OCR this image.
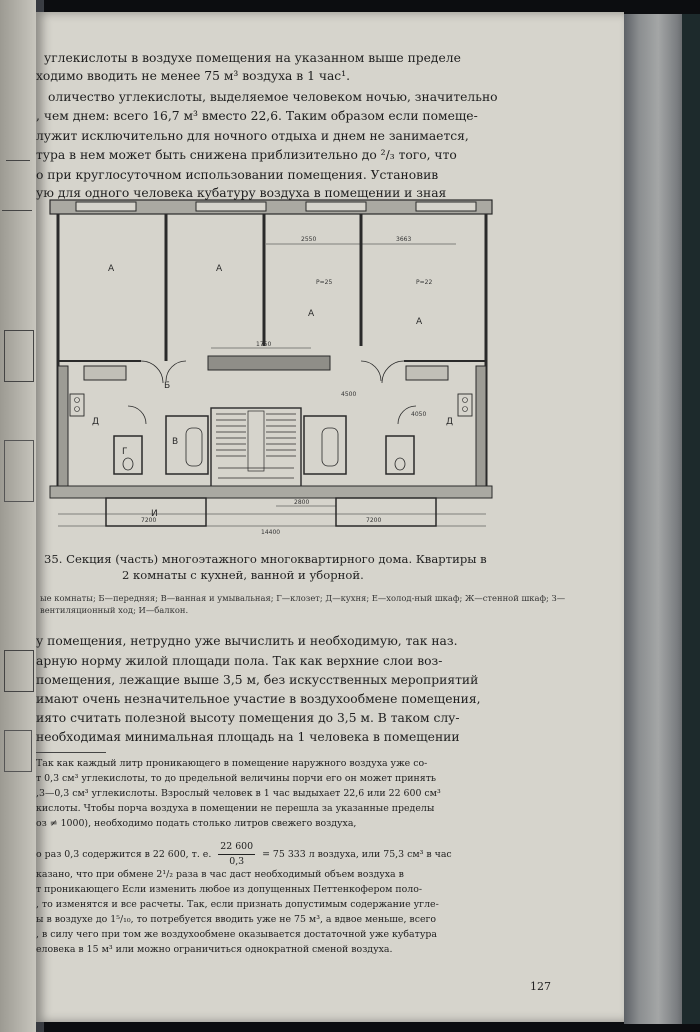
углекислоты в воздухе помещения на указанном выше пределе
ходимо вводить не менее 75 м³ воздуха в 1 час¹.
оличество углекислоты, выделяемое человеком ночью, значительно
, чем днем: всего 16,7 м³ вместо 22,6. Таким образом если помеще-
лужит исключительно для ночного отдыха и днем не занимается,
тура в нем может быть снижена приблизительно до ²/₃ того, что
о при круглосуточном использовании помещения. Установив
ую для одного человека кубатуру воздуха в помещении и зная
А	А
А
А
Б
В
Г
Д	Д
И
2550	3663
1750
7200	7200
14400
2800
4500
4050
Р=25	Р=22
35. Секция (часть) многоэтажного многоквартирного дома. Квартиры в
2 комнаты с кухней, ванной и уборной.
ые комнаты; Б—передняя; В—ванная и умывальная; Г—клозет; Д—кухня; Е—холод-ный шкаф; Ж—стенной шкаф; З—вентиляционный ход; И—балкон.
у помещения, нетрудно уже вычислить и необходимую, так наз.
арную норму жилой площади пола. Так как верхние слои воз-
помещения, лежащие выше 3,5 м, без искусственных мероприятий
имают очень незначительное участие в воздухообмене помещения,
иято считать полезной высоту помещения до 3,5 м. В таком слу-
необходимая минимальная площадь на 1 человека в помещении
Так как каждый литр проникающего в помещение наружного воздуха уже со-
т 0,3 см³ углекислоты, то до предельной величины порчи его он может принять
,3—0,3 см³ углекислоты. Взрослый человек в 1 час выдыхает 22,6 или 22 600 см³
кислоты. Чтобы порча воздуха в помещении не перешла за указанные пределы
оз ≠ 1000), необходимо подать столько литров свежего воздуха,
о раз 0,3 содержится в 22 600, т. е. $\frac{22 600}{0,3} = 75$ 333 л воздуха, или 75,3 см³ в час
казано, что при обмене 2¹/₂ раза в час даст необходимый объем воздуха в
т проникающего Если изменить любое из допущенных Петтенкофером поло-
, то изменятся и все расчеты. Так, если признать допустимым содержание угле-
ы в воздухе до 1⁵/₁₀, то потребуется вводить уже не 75 м³, а вдвое меньше, всего
, в силу чего при том же воздухообмене оказывается достаточной уже кубатура
еловека в 15 м³ или можно ограничиться однократной сменой воздуха.
127
